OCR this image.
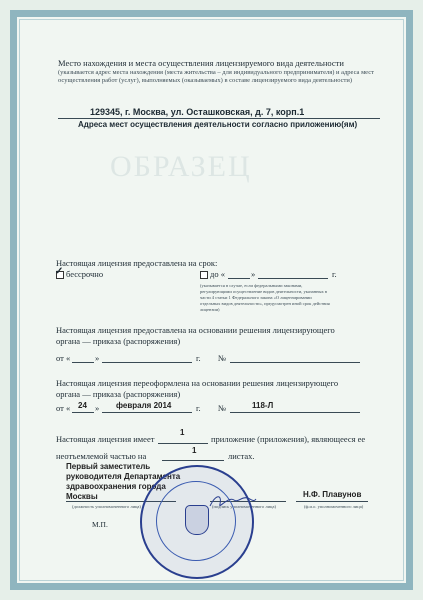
ОБРАЗЕЦ
Место нахождения и места осуществления лицензируемого вида деятельности
(указывается адрес места нахождения (места жительства – для индивидуального предпринимателя) и адреса мест осуществления работ (услуг), выполняемых (оказываемых) в составе лицензируемого вида деятельности)
129345, г. Москва, ул. Осташковская, д. 7, корп.1
Адреса мест осуществления деятельности согласно приложению(ям)
Настоящая лицензия предоставлена на срок:
✓ бессрочно	до «	»	г.
(указывается в случае, если федеральными законами, регулирующими осуществление видов деятельности, указанных в части 4 статьи 1 Федерального закона «О лицензировании отдельных видов деятельности», предусмотрен иной срок действия лицензии)
Настоящая лицензия предоставлена на основании решения лицензирующего органа — приказа (распоряжения)
от «	»	г. №
Настоящая лицензия переоформлена на основании решения лицензирующего органа — приказа (распоряжения)
от « 24 » февраля 2014	г. №	118-Л
Настоящая лицензия имеет
1
приложение (приложения), являющееся ее
неотъемлемой частью на
1
листах.
Первый заместитель руководителя Департамента здравоохранения города Москвы
(должность уполномоченного лица)	(подпись уполномоченного лица)
Н.Ф. Плавунов
(ф.и.о. уполномоченного лица)
М.П.
